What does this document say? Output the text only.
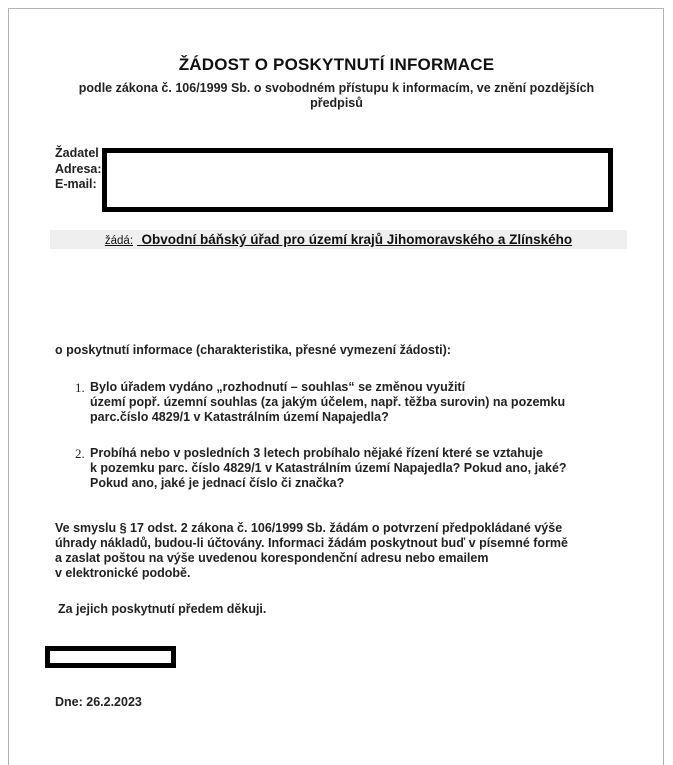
ŽÁDOST O POSKYTNUTÍ INFORMACE
podle zákona č. 106/1999 Sb. o svobodném přístupu k informacím, ve znění pozdějších
předpisů
Žadatel
Adresa:
E-mail:
žádá: Obvodní báňský úřad pro území krajů Jihomoravského a Zlínského
o poskytnutí informace (charakteristika, přesné vymezení žádosti):
1. Bylo úřadem vydáno „rozhodnutí – souhlas“ se změnou využití
území popř. územní souhlas (za jakým účelem, např. těžba surovin) na pozemku
parc.číslo 4829/1 v Katastrálním území Napajedla?
2. Probíhá nebo v posledních 3 letech probíhalo nějaké řízení které se vztahuje
k pozemku parc. číslo 4829/1 v Katastrálním území Napajedla? Pokud ano, jaké?
Pokud ano, jaké je jednací číslo či značka?
Ve smyslu § 17 odst. 2 zákona č. 106/1999 Sb. žádám o potvrzení předpokládané výše
úhrady nákladů, budou-li účtovány. Informaci žádám poskytnout buď v písemné formě
a zaslat poštou na výše uvedenou korespondenční adresu nebo emailem
v elektronické podobě.
Za jejich poskytnutí předem děkuji.
Dne: 26.2.2023
